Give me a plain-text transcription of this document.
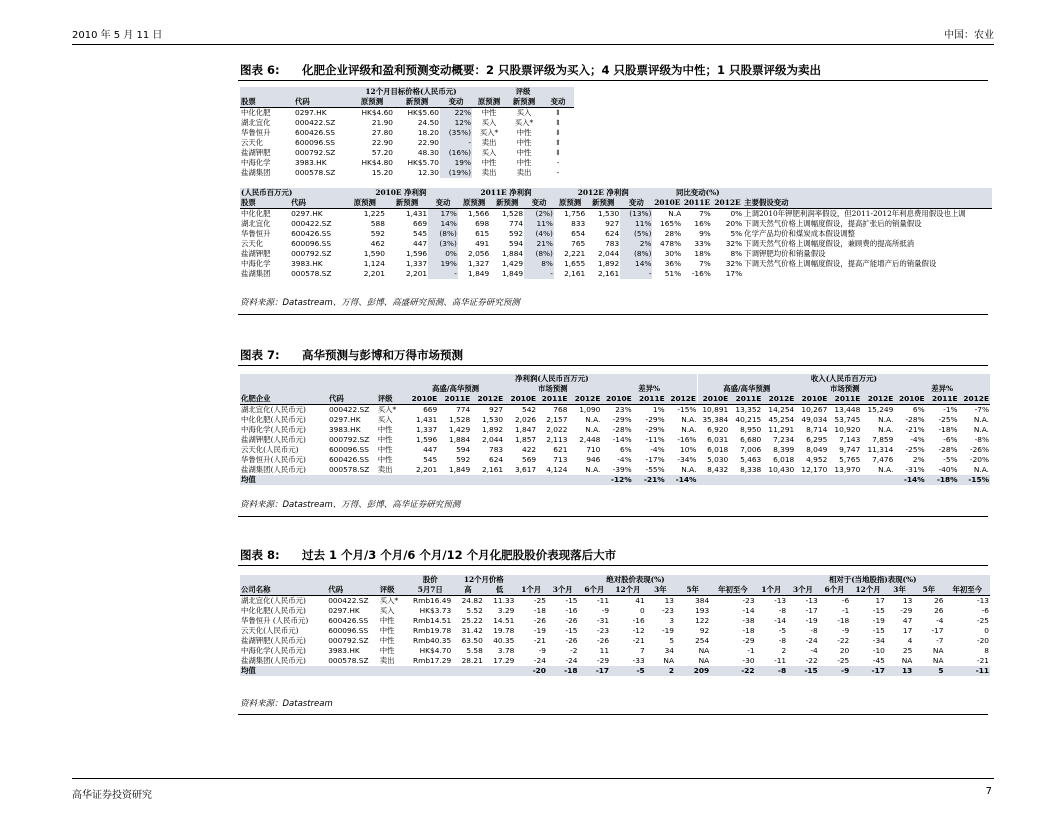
2010 年 5 月 11 日	中国：农业
图表 6: 化肥企业评级和盈利预测变动概要：2 只股票评级为买入；4 只股票评级为中性；1 只股票评级为卖出
		12个月目标价格(人民币元)			评级		
股票	代码	原预测	新预测	变动	原预测	新预测	变动
中化化肥	0297.HK	HK$4.60	HK$5.60	22%	中性	买入	⇑
湖北宜化	000422.SZ	21.90	24.50	12%	买入	买入*	⇑
华鲁恒升	600426.SS	27.80	18.20	(35%)	买入*	中性	⇓
云天化	600096.SS	22.90	22.90	-	卖出	中性	⇑
盐湖钾肥	000792.SZ	57.20	48.30	(16%)	买入	中性	⇓
中海化学	3983.HK	HK$4.80	HK$5.70	19%	中性	中性	-
盐湖集团	000578.SZ	15.20	12.30	(19%)	卖出	卖出	-
(人民币百万元)		2010E 净利润			2011E 净利润			2012E 净利润			同比变动(%)			
股票	代码	原预测	新预测	变动	原预测	新预测	变动	原预测	新预测	变动	2010E	2011E	2012E	主要假设变动
中化化肥	0297.HK	1,225	1,431	17%	1,566	1,528	(2%)	1,756	1,530	(13%)	N.A	7%	0%	上调2010年钾肥利润率假设，但2011-2012年利息费用假设也上调
湖北宜化	000422.SZ	588	669	14%	698	774	11%	833	927	11%	165%	16%	20%	下调天然气价格上调幅度假设，提高扩张后的销量假设
华鲁恒升	600426.SS	592	545	(8%)	615	592	(4%)	654	624	(5%)	28%	9%	5%	化学产品均价和煤炭成本假设调整
云天化	600096.SS	462	447	(3%)	491	594	21%	765	783	2%	478%	33%	32%	下调天然气价格上调幅度假设，兼顾费的提高所抵消
盐湖钾肥	000792.SZ	1,590	1,596	0%	2,056	1,884	(8%)	2,221	2,044	(8%)	30%	18%	8%	下调钾肥均价和销量假设
中海化学	3983.HK	1,124	1,337	19%	1,327	1,429	8%	1,655	1,892	14%	36%	7%	32%	下调天然气价格上调幅度假设，提高产能增产后的销量假设
盐湖集团	000578.SZ	2,201	2,201	-	1,849	1,849	-	2,161	2,161	-	51%	-16%	17%	
资料来源：Datastream、万得、彭博、高盛研究预测、高华证券研究预测
图表 7: 高华预测与彭博和万得市场预测
			净利润(人民币百万元)									收入(人民币百万元)								
			高盛/高华预测			市场预测			差异%			高盛/高华预测			市场预测			差异%		
化肥企业	代码	评级	2010E	2011E	2012E	2010E	2011E	2012E	2010E	2011E	2012E	2010E	2011E	2012E	2010E	2011E	2012E	2010E	2011E	2012E
湖北宜化(人民币元)	000422.SZ	买入*	669	774	927	542	768	1,090	23%	1%	-15%	10,891	13,352	14,254	10,267	13,448	15,249	6%	-1%	-7%
中化化肥(人民币元)	0297.HK	买入	1,431	1,528	1,530	2,026	2,157	N.A.	-29%	-29%	N.A.	35,384	40,215	45,254	49,034	53,745	N.A.	-28%	-25%	N.A.
中海化学(人民币元)	3983.HK	中性	1,337	1,429	1,892	1,847	2,022	N.A.	-28%	-29%	N.A.	6,920	8,950	11,291	8,714	10,920	N.A.	-21%	-18%	N.A.
盐湖钾肥(人民币元)	000792.SZ	中性	1,596	1,884	2,044	1,857	2,113	2,448	-14%	-11%	-16%	6,031	6,680	7,234	6,295	7,143	7,859	-4%	-6%	-8%
云天化(人民币元)	600096.SS	中性	447	594	783	422	621	710	6%	-4%	10%	6,018	7,006	8,399	8,049	9,747	11,314	-25%	-28%	-26%
华鲁恒升(人民币元)	600426.SS	中性	545	592	624	569	713	946	-4%	-17%	-34%	5,030	5,463	6,018	4,952	5,765	7,476	2%	-5%	-20%
盐湖集团(人民币元)	000578.SZ	卖出	2,201	1,849	2,161	3,617	4,124	N.A.	-39%	-55%	N.A.	8,432	8,338	10,430	12,170	13,970	N.A.	-31%	-40%	N.A.
均值									-12%	-21%	-14%							-14%	-18%	-15%
资料来源：Datastream、万得、彭博、高华证券研究预测
图表 8: 过去 1 个月/3 个月/6 个月/12 个月化肥股股价表现落后大市
			股价	12个月价格		绝对股价表现(%)							相对于(当地股指)表现(%)						
公司名称	代码	评级	5月7日	高	低	1个月	3个月	6个月	12个月	3年	5年	年初至今	1个月	3个月	6个月	12个月	3年	5年	年初至今
湖北宜化(人民币元)	000422.SZ	买入*	Rmb16.49	24.82	11.33	-25	-15	-11	41	13	384	-23	-13	-13	-6	17	13	26	-13
中化化肥(人民币元)	0297.HK	买入	HK$3.73	5.52	3.29	-18	-16	-9	0	-23	193	-14	-8	-17	-1	-15	-29	26	-6
华鲁恒升 (人民币元)	600426.SS	中性	Rmb14.51	25.22	14.51	-26	-26	-31	-16	3	122	-38	-14	-19	-18	-19	47	-4	-25
云天化(人民币元)	600096.SS	中性	Rmb19.78	31.42	19.78	-19	-15	-23	-12	-19	92	-18	-5	-8	-9	-15	17	-17	0
盐湖钾肥(人民币元)	000792.SZ	中性	Rmb40.35	63.50	40.35	-21	-26	-26	-21	5	254	-29	-8	-24	-22	-34	4	-7	-20
中海化学(人民币元)	3983.HK	中性	HK$4.70	5.58	3.78	-9	-2	11	7	34	NA	-1	2	-4	20	-10	25	NA	8
盐湖集团(人民币元)	000578.SZ	卖出	Rmb17.29	28.21	17.29	-24	-24	-29	-33	NA	NA	-30	-11	-22	-25	-45	NA	NA	-21
均值						-20	-18	-17	-5	2	209	-22	-8	-15	-9	-17	13	5	-11
资料来源：Datastream
高华证券投资研究	7
